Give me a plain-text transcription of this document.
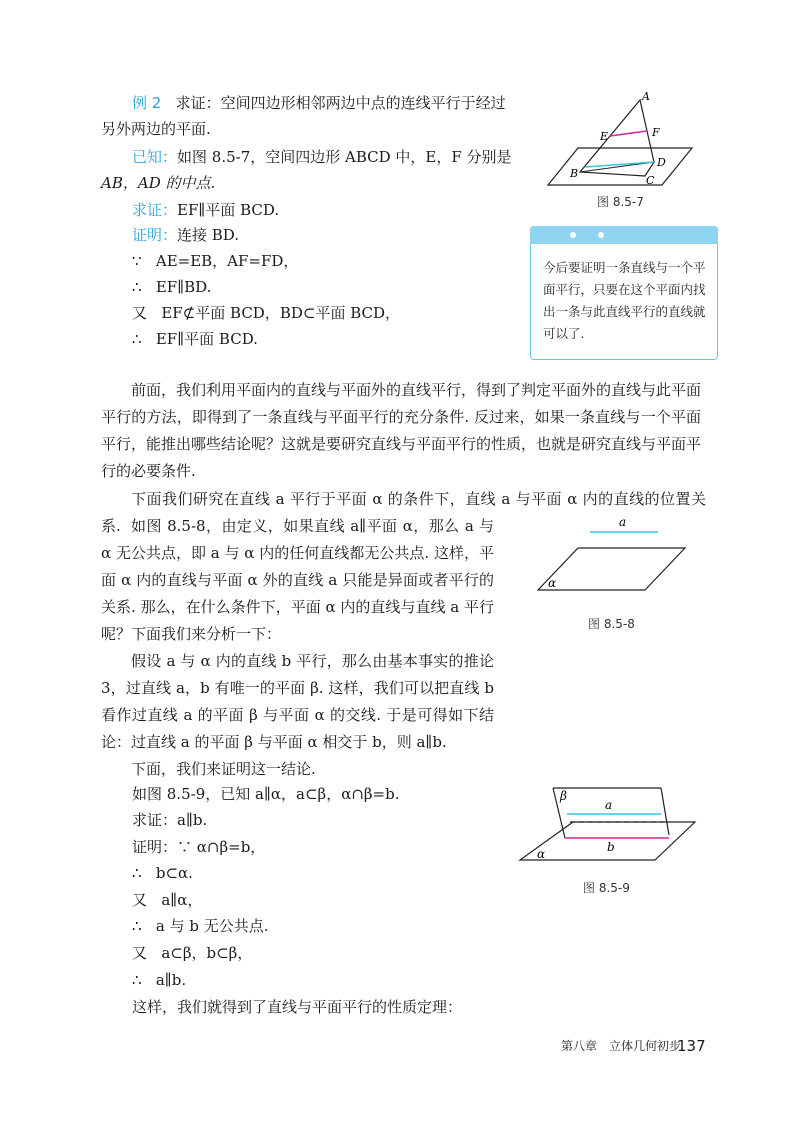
例 2 求证：空间四边形相邻两边中点的连线平行于经过
另外两边的平面.
已知：如图 8.5-7，空间四边形 ABCD 中，E，F 分别是
AB，AD 的中点.
求证：EF∥平面 BCD.
证明：连接 BD.
∵ AE=EB，AF=FD，
∴ EF∥BD.
又 EF⊄平面 BCD，BD⊂平面 BCD，
∴ EF∥平面 BCD.
A
E	F
D
B
C
图 8.5-7
今后要证明一条直线与一个平面平行，只要在这个平面内找出一条与此直线平行的直线就可以了.
前面，我们利用平面内的直线与平面外的直线平行，得到了判定平面外的直线与此平面平行的方法，即得到了一条直线与平面平行的充分条件. 反过来，如果一条直线与一个平面平行，能推出哪些结论呢？这就是要研究直线与平面平行的性质，也就是研究直线与平面平行的必要条件.
下面我们研究在直线 a 平行于平面 α 的条件下，直线 a 与平面 α 内的直线的位置关系. 如图 8.5-8，由定义，如果直线 a∥平面 α，那么 a 与 α 无公共点，即 a 与 α 内的任何直线都无公共点. 这样，平面 α 内的直线与平面 α 外的直线 a 只能是异面或者平行的关系. 那么，在什么条件下，平面 α 内的直线与直线 a 平行呢？下面我们来分析一下：
假设 a 与 α 内的直线 b 平行，那么由基本事实的推论 3，过直线 a，b 有唯一的平面 β. 这样，我们可以把直线 b 看作过直线 a 的平面 β 与平面 α 的交线. 于是可得如下结论：过直线 a 的平面 β 与平面 α 相交于 b，则 a∥b.
下面，我们来证明这一结论.
a
α
图 8.5-8
如图 8.5-9，已知 a∥α，a⊂β，α∩β=b.
求证：a∥b.
证明：∵ α∩β=b，
∴ b⊂α.
又 a∥α，
∴ a 与 b 无公共点.
又 a⊂β，b⊂β，
∴ a∥b.
这样，我们就得到了直线与平面平行的性质定理：
β
a
b
α
图 8.5-9
第八章　立体几何初步
137
